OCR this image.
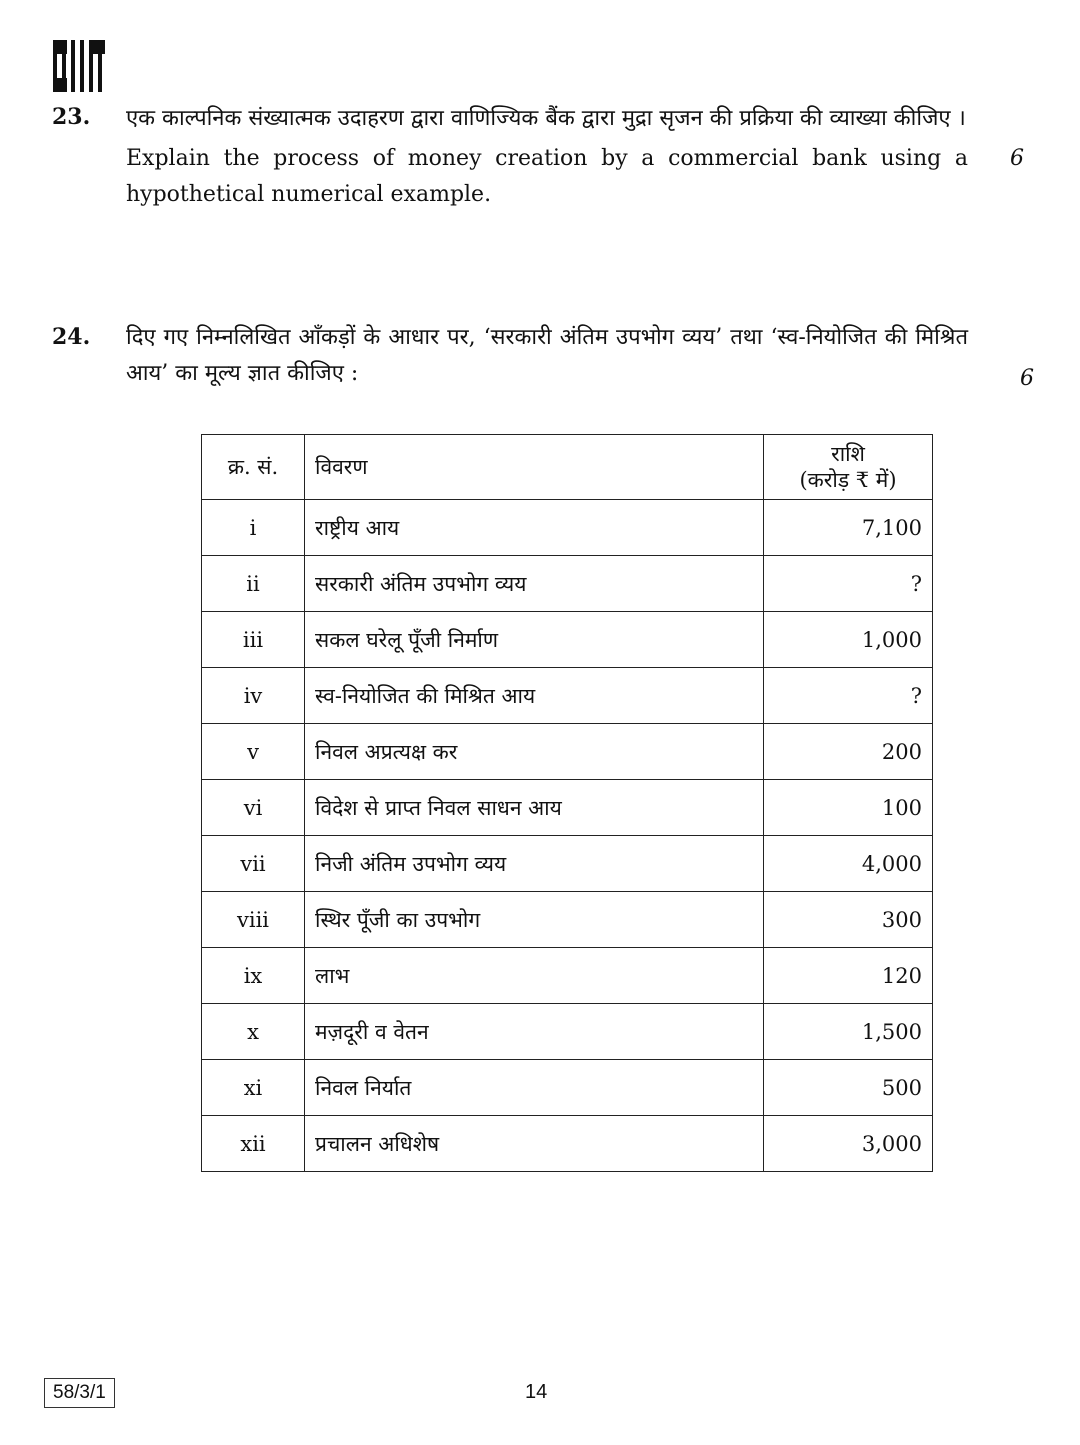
23. एक काल्पनिक संख्यात्मक उदाहरण द्वारा वाणिज्यिक बैंक द्वारा मुद्रा सृजन की प्रक्रिया की व्याख्या कीजिए ।

Explain the process of money creation by a commercial bank using a hypothetical numerical example.

6
24. दिए गए निम्नलिखित आँकड़ों के आधार पर, ‘सरकारी अंतिम उपभोग व्यय’ तथा ‘स्व-नियोजित की मिश्रित आय’ का मूल्य ज्ञात कीजिए :	6
क्र. सं.	विवरण	राशि
(करोड़ ₹ में)

i	राष्ट्रीय आय	7,100
ii	सरकारी अंतिम उपभोग व्यय	?
iii	सकल घरेलू पूँजी निर्माण	1,000
iv	स्व-नियोजित की मिश्रित आय	?
v	निवल अप्रत्यक्ष कर	200
vi	विदेश से प्राप्त निवल साधन आय	100
vii	निजी अंतिम उपभोग व्यय	4,000
viii	स्थिर पूँजी का उपभोग	300
ix	लाभ	120
x	मज़दूरी व वेतन	1,500
xi	निवल निर्यात	500
xii	प्रचालन अधिशेष	3,000
58/3/1	14
